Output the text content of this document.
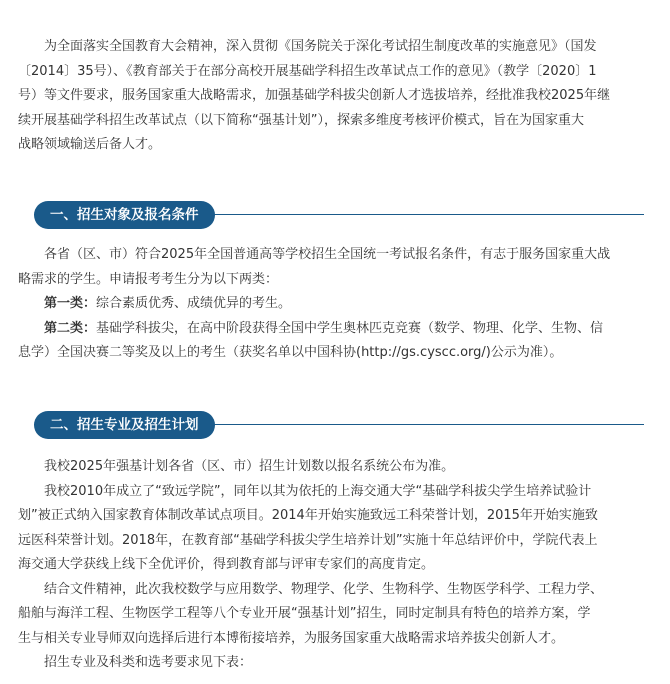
为全面落实全国教育大会精神，深入贯彻《国务院关于深化考试招生制度改革的实施意见》（国发
〔2014〕35号）、《教育部关于在部分高校开展基础学科招生改革试点工作的意见》（教学〔2020〕1
号）等文件要求，服务国家重大战略需求，加强基础学科拔尖创新人才选拔培养，经批准我校2025年继
续开展基础学科招生改革试点（以下简称“强基计划”），探索多维度考核评价模式，旨在为国家重大
战略领域输送后备人才。
一、招生对象及报名条件
各省（区、市）符合2025年全国普通高等学校招生全国统一考试报名条件，有志于服务国家重大战
略需求的学生。申请报考考生分为以下两类：
第一类：综合素质优秀、成绩优异的考生。
第二类：基础学科拔尖，在高中阶段获得全国中学生奥林匹克竞赛（数学、物理、化学、生物、信
息学）全国决赛二等奖及以上的考生（获奖名单以中国科协(http://gs.cyscc.org/)公示为准）。
二、招生专业及招生计划
我校2025年强基计划各省（区、市）招生计划数以报名系统公布为准。
我校2010年成立了“致远学院”，同年以其为依托的上海交通大学“基础学科拔尖学生培养试验计
划”被正式纳入国家教育体制改革试点项目。2014年开始实施致远工科荣誉计划，2015年开始实施致
远医科荣誉计划。2018年，在教育部“基础学科拔尖学生培养计划”实施十年总结评价中，学院代表上
海交通大学获线上线下全优评价，得到教育部与评审专家们的高度肯定。
结合文件精神，此次我校数学与应用数学、物理学、化学、生物科学、生物医学科学、工程力学、
船舶与海洋工程、生物医学工程等八个专业开展“强基计划”招生，同时定制具有特色的培养方案，学
生与相关专业导师双向选择后进行本博衔接培养，为服务国家重大战略需求培养拔尖创新人才。
招生专业及科类和选考要求见下表：
